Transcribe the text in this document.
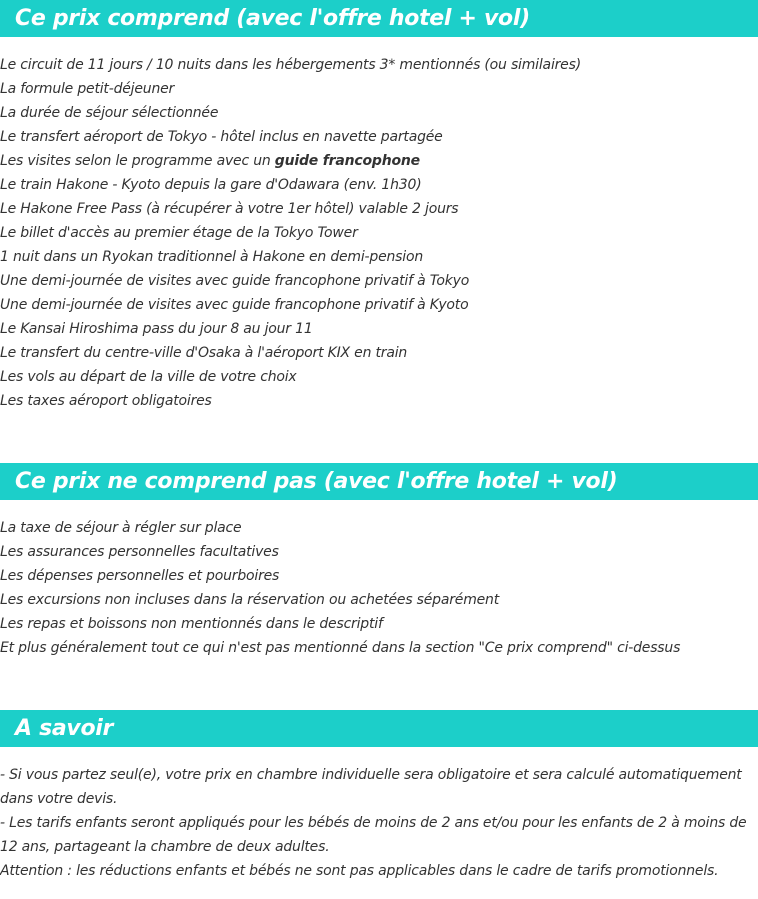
Ce prix comprend (avec l'offre hotel + vol)
Le circuit de 11 jours / 10 nuits dans les hébergements 3* mentionnés (ou similaires)
La formule petit-déjeuner
La durée de séjour sélectionnée
Le transfert aéroport de Tokyo - hôtel inclus en navette partagée
Les visites selon le programme avec un guide francophone
Le train Hakone - Kyoto depuis la gare d'Odawara (env. 1h30)
Le Hakone Free Pass (à récupérer à votre 1er hôtel) valable 2 jours
Le billet d'accès au premier étage de la Tokyo Tower
1 nuit dans un Ryokan traditionnel à Hakone en demi-pension
Une demi-journée de visites avec guide francophone privatif à Tokyo
Une demi-journée de visites avec guide francophone privatif à Kyoto
Le Kansai Hiroshima pass du jour 8 au jour 11
Le transfert du centre-ville d'Osaka à l'aéroport KIX en train
Les vols au départ de la ville de votre choix
Les taxes aéroport obligatoires
Ce prix ne comprend pas (avec l'offre hotel + vol)
La taxe de séjour à régler sur place
Les assurances personnelles facultatives
Les dépenses personnelles et pourboires
Les excursions non incluses dans la réservation ou achetées séparément
Les repas et boissons non mentionnés dans le descriptif
Et plus généralement tout ce qui n'est pas mentionné dans la section "Ce prix comprend" ci-dessus
A savoir

- Si vous partez seul(e), votre prix en chambre individuelle sera obligatoire et sera calculé automatiquement dans votre devis.

- Les tarifs enfants seront appliqués pour les bébés de moins de 2 ans et/ou pour les enfants de 2 à moins de 12 ans, partageant la chambre de deux adultes.

Attention : les réductions enfants et bébés ne sont pas applicables dans le cadre de tarifs promotionnels.
